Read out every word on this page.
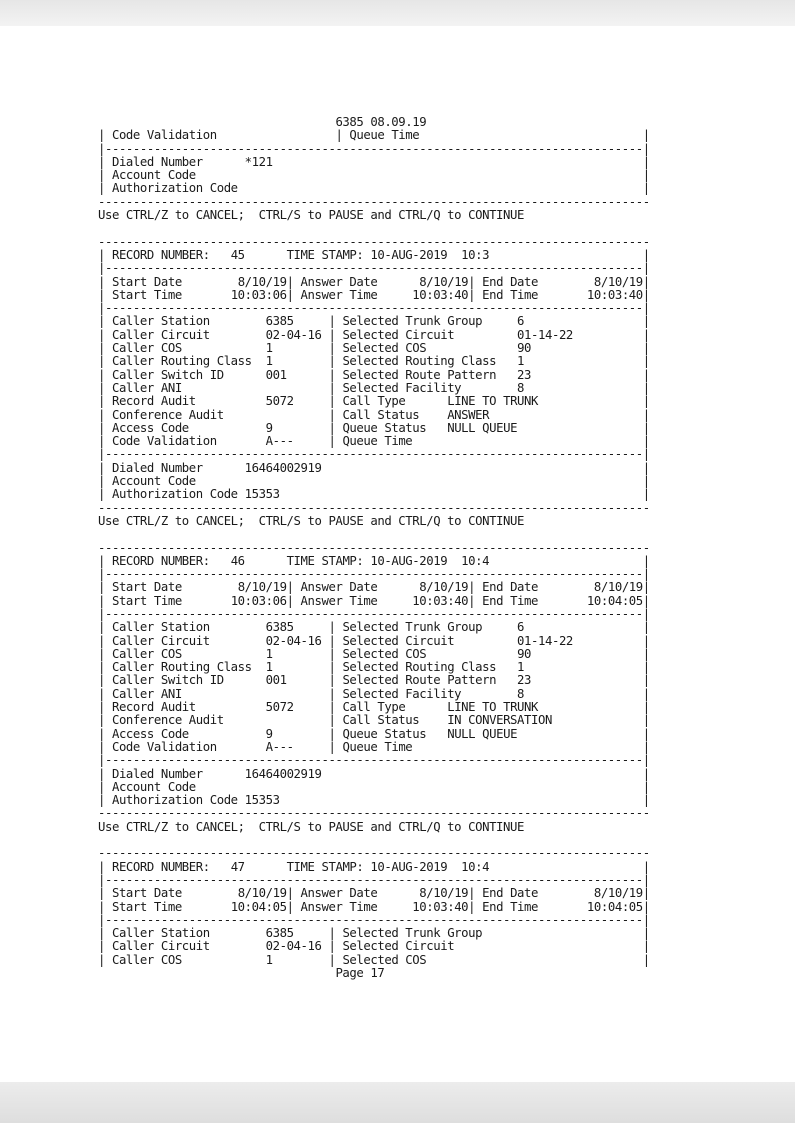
6385 08.09.19
| Code Validation	| Queue Time	|
|-----------------------------------------------------------------------------|
| Dialed Number	*121	|
| Account Code	|
| Authorization Code	|
-------------------------------------------------------------------------------
Use CTRL/Z to CANCEL;  CTRL/S to PAUSE and CTRL/Q to CONTINUE

-------------------------------------------------------------------------------
| RECORD NUMBER: 45	TIME STAMP: 10-AUG-2019  10:3	|
|-----------------------------------------------------------------------------|
| Start Date	8/10/19| Answer Date	8/10/19| End Date	8/10/19|
| Start Time	10:03:06| Answer Time	10:03:40| End Time	10:03:40|
|-----------------------------------------------------------------------------|
| Caller Station	6385	| Selected Trunk Group	6	|
| Caller Circuit	02-04-16 | Selected Circuit	01-14-22	|
| Caller COS	1	| Selected COS	90	|
| Caller Routing Class 1	| Selected Routing Class 1	|
| Caller Switch ID	001	| Selected Route Pattern 23	|
| Caller ANI	| Selected Facility	8	|
| Record Audit	5072	| Call Type	LINE TO TRUNK	|
| Conference Audit	| Call Status ANSWER	|
| Access Code	9	| Queue Status NULL QUEUE	|
| Code Validation	A---	| Queue Time	|
|-----------------------------------------------------------------------------|
| Dialed Number	16464002919	|
| Account Code	|
| Authorization Code 15353	|
-------------------------------------------------------------------------------
Use CTRL/Z to CANCEL;  CTRL/S to PAUSE and CTRL/Q to CONTINUE

-------------------------------------------------------------------------------
| RECORD NUMBER: 46	TIME STAMP: 10-AUG-2019  10:4	|
|-----------------------------------------------------------------------------|
| Start Date	8/10/19| Answer Date	8/10/19| End Date	8/10/19|
| Start Time	10:03:06| Answer Time	10:03:40| End Time	10:04:05|
|-----------------------------------------------------------------------------|
| Caller Station	6385	| Selected Trunk Group	6	|
| Caller Circuit	02-04-16 | Selected Circuit	01-14-22	|
| Caller COS	1	| Selected COS	90	|
| Caller Routing Class 1	| Selected Routing Class 1	|
| Caller Switch ID	001	| Selected Route Pattern 23	|
| Caller ANI	| Selected Facility	8	|
| Record Audit	5072	| Call Type	LINE TO TRUNK	|
| Conference Audit	| Call Status IN CONVERSATION	|
| Access Code	9	| Queue Status NULL QUEUE	|
| Code Validation	A---	| Queue Time	|
|-----------------------------------------------------------------------------|
| Dialed Number	16464002919	|
| Account Code	|
| Authorization Code 15353	|
-------------------------------------------------------------------------------
Use CTRL/Z to CANCEL;  CTRL/S to PAUSE and CTRL/Q to CONTINUE

-------------------------------------------------------------------------------
| RECORD NUMBER: 47	TIME STAMP: 10-AUG-2019  10:4	|
|-----------------------------------------------------------------------------|
| Start Date	8/10/19| Answer Date	8/10/19| End Date	8/10/19|
| Start Time	10:04:05| Answer Time	10:03:40| End Time	10:04:05|
|-----------------------------------------------------------------------------|
| Caller Station	6385	| Selected Trunk Group	|
| Caller Circuit	02-04-16 | Selected Circuit	|
| Caller COS	1	| Selected COS	|
Page 17
